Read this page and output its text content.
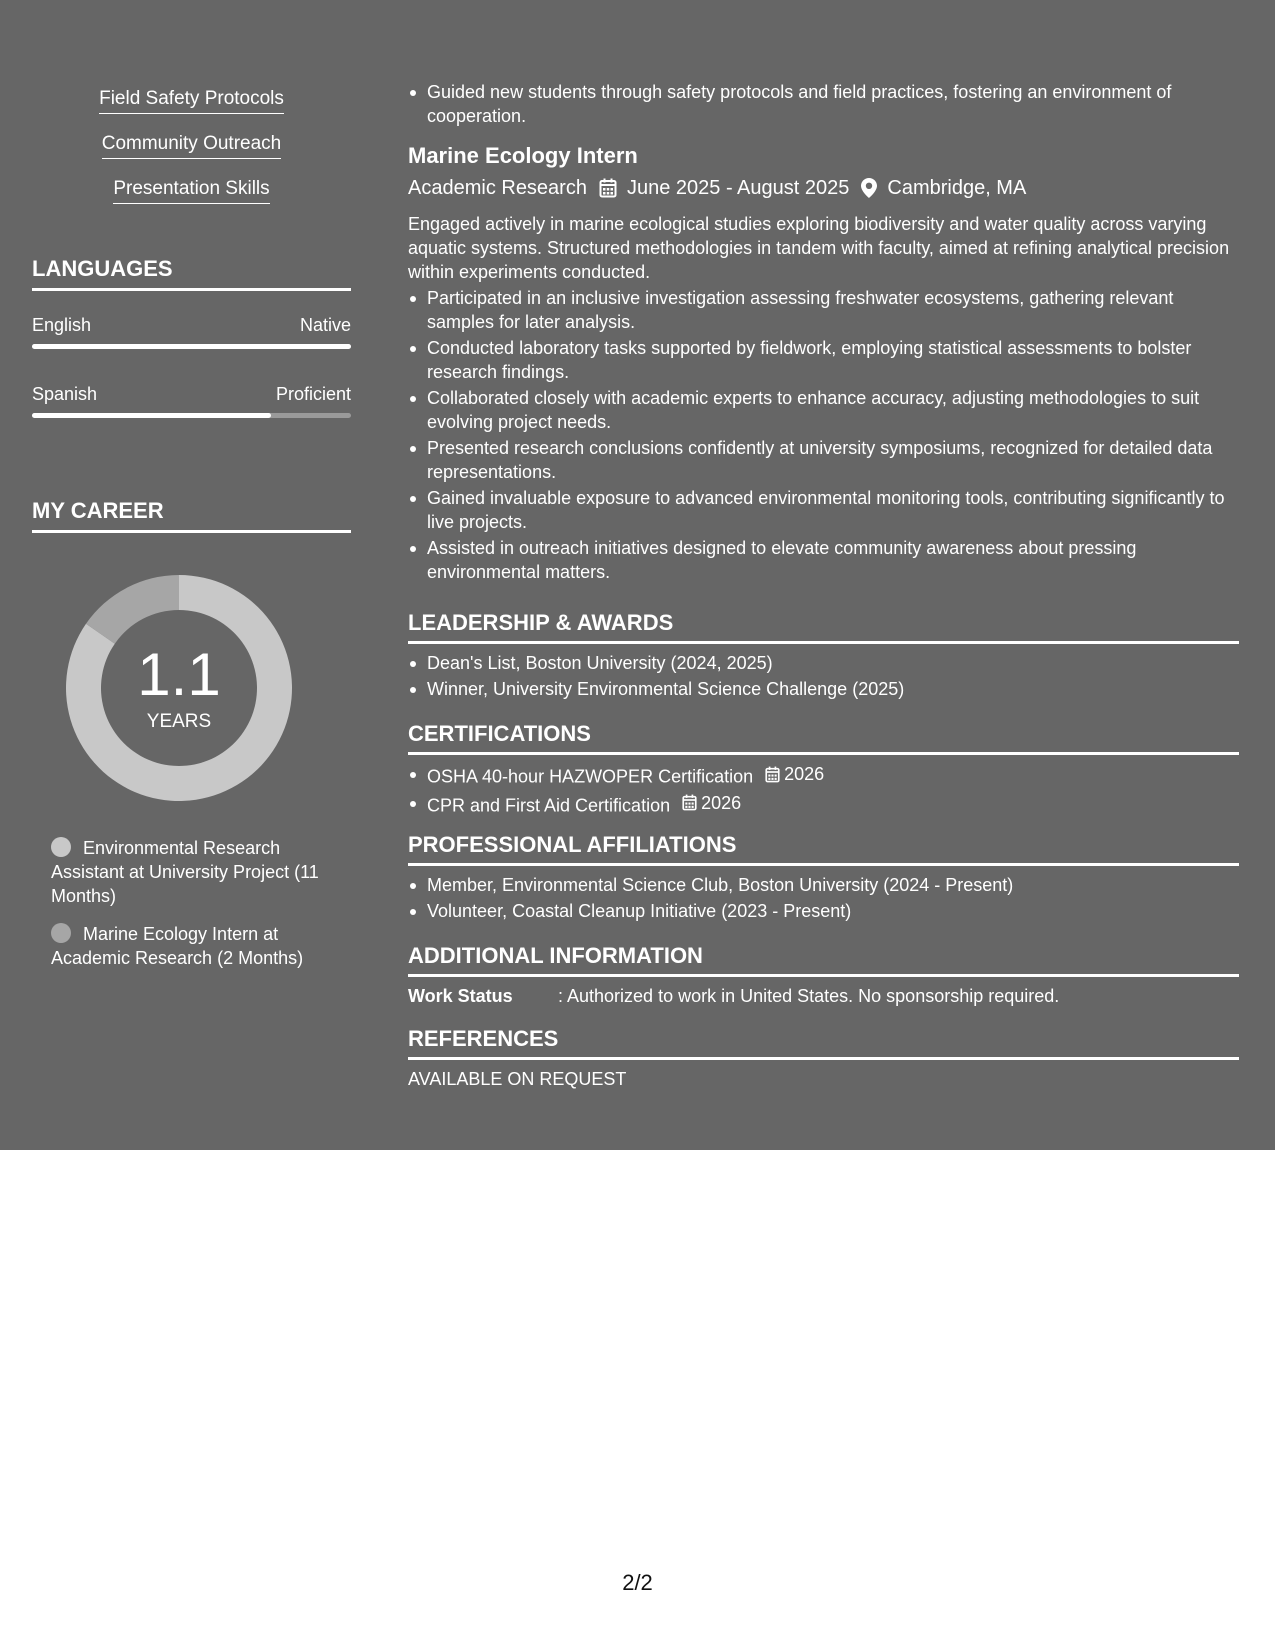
Field Safety Protocols
Community Outreach
Presentation Skills
LANGUAGES
English	Native
Spanish	Proficient
MY CAREER
1.1
YEARS
Environmental Research Assistant at University Project (11 Months)
Marine Ecology Intern at Academic Research (2 Months)
Guided new students through safety protocols and field practices, fostering an environment of cooperation.
Marine Ecology Intern
Academic Research June 2025 - August 2025 Cambridge, MA
Engaged actively in marine ecological studies exploring biodiversity and water quality across varying aquatic systems. Structured methodologies in tandem with faculty, aimed at refining analytical precision within experiments conducted.
Participated in an inclusive investigation assessing freshwater ecosystems, gathering relevant samples for later analysis.
Conducted laboratory tasks supported by fieldwork, employing statistical assessments to bolster research findings.
Collaborated closely with academic experts to enhance accuracy, adjusting methodologies to suit evolving project needs.
Presented research conclusions confidently at university symposiums, recognized for detailed data representations.
Gained invaluable exposure to advanced environmental monitoring tools, contributing significantly to live projects.
Assisted in outreach initiatives designed to elevate community awareness about pressing environmental matters.
LEADERSHIP & AWARDS
Dean's List, Boston University (2024, 2025)
Winner, University Environmental Science Challenge (2025)
CERTIFICATIONS
OSHA 40-hour HAZWOPER Certification 2026
CPR and First Aid Certification 2026
PROFESSIONAL AFFILIATIONS
Member, Environmental Science Club, Boston University (2024 - Present)
Volunteer, Coastal Cleanup Initiative (2023 - Present)
ADDITIONAL INFORMATION
Work Status	: Authorized to work in United States. No sponsorship required.
REFERENCES
AVAILABLE ON REQUEST
2/2
